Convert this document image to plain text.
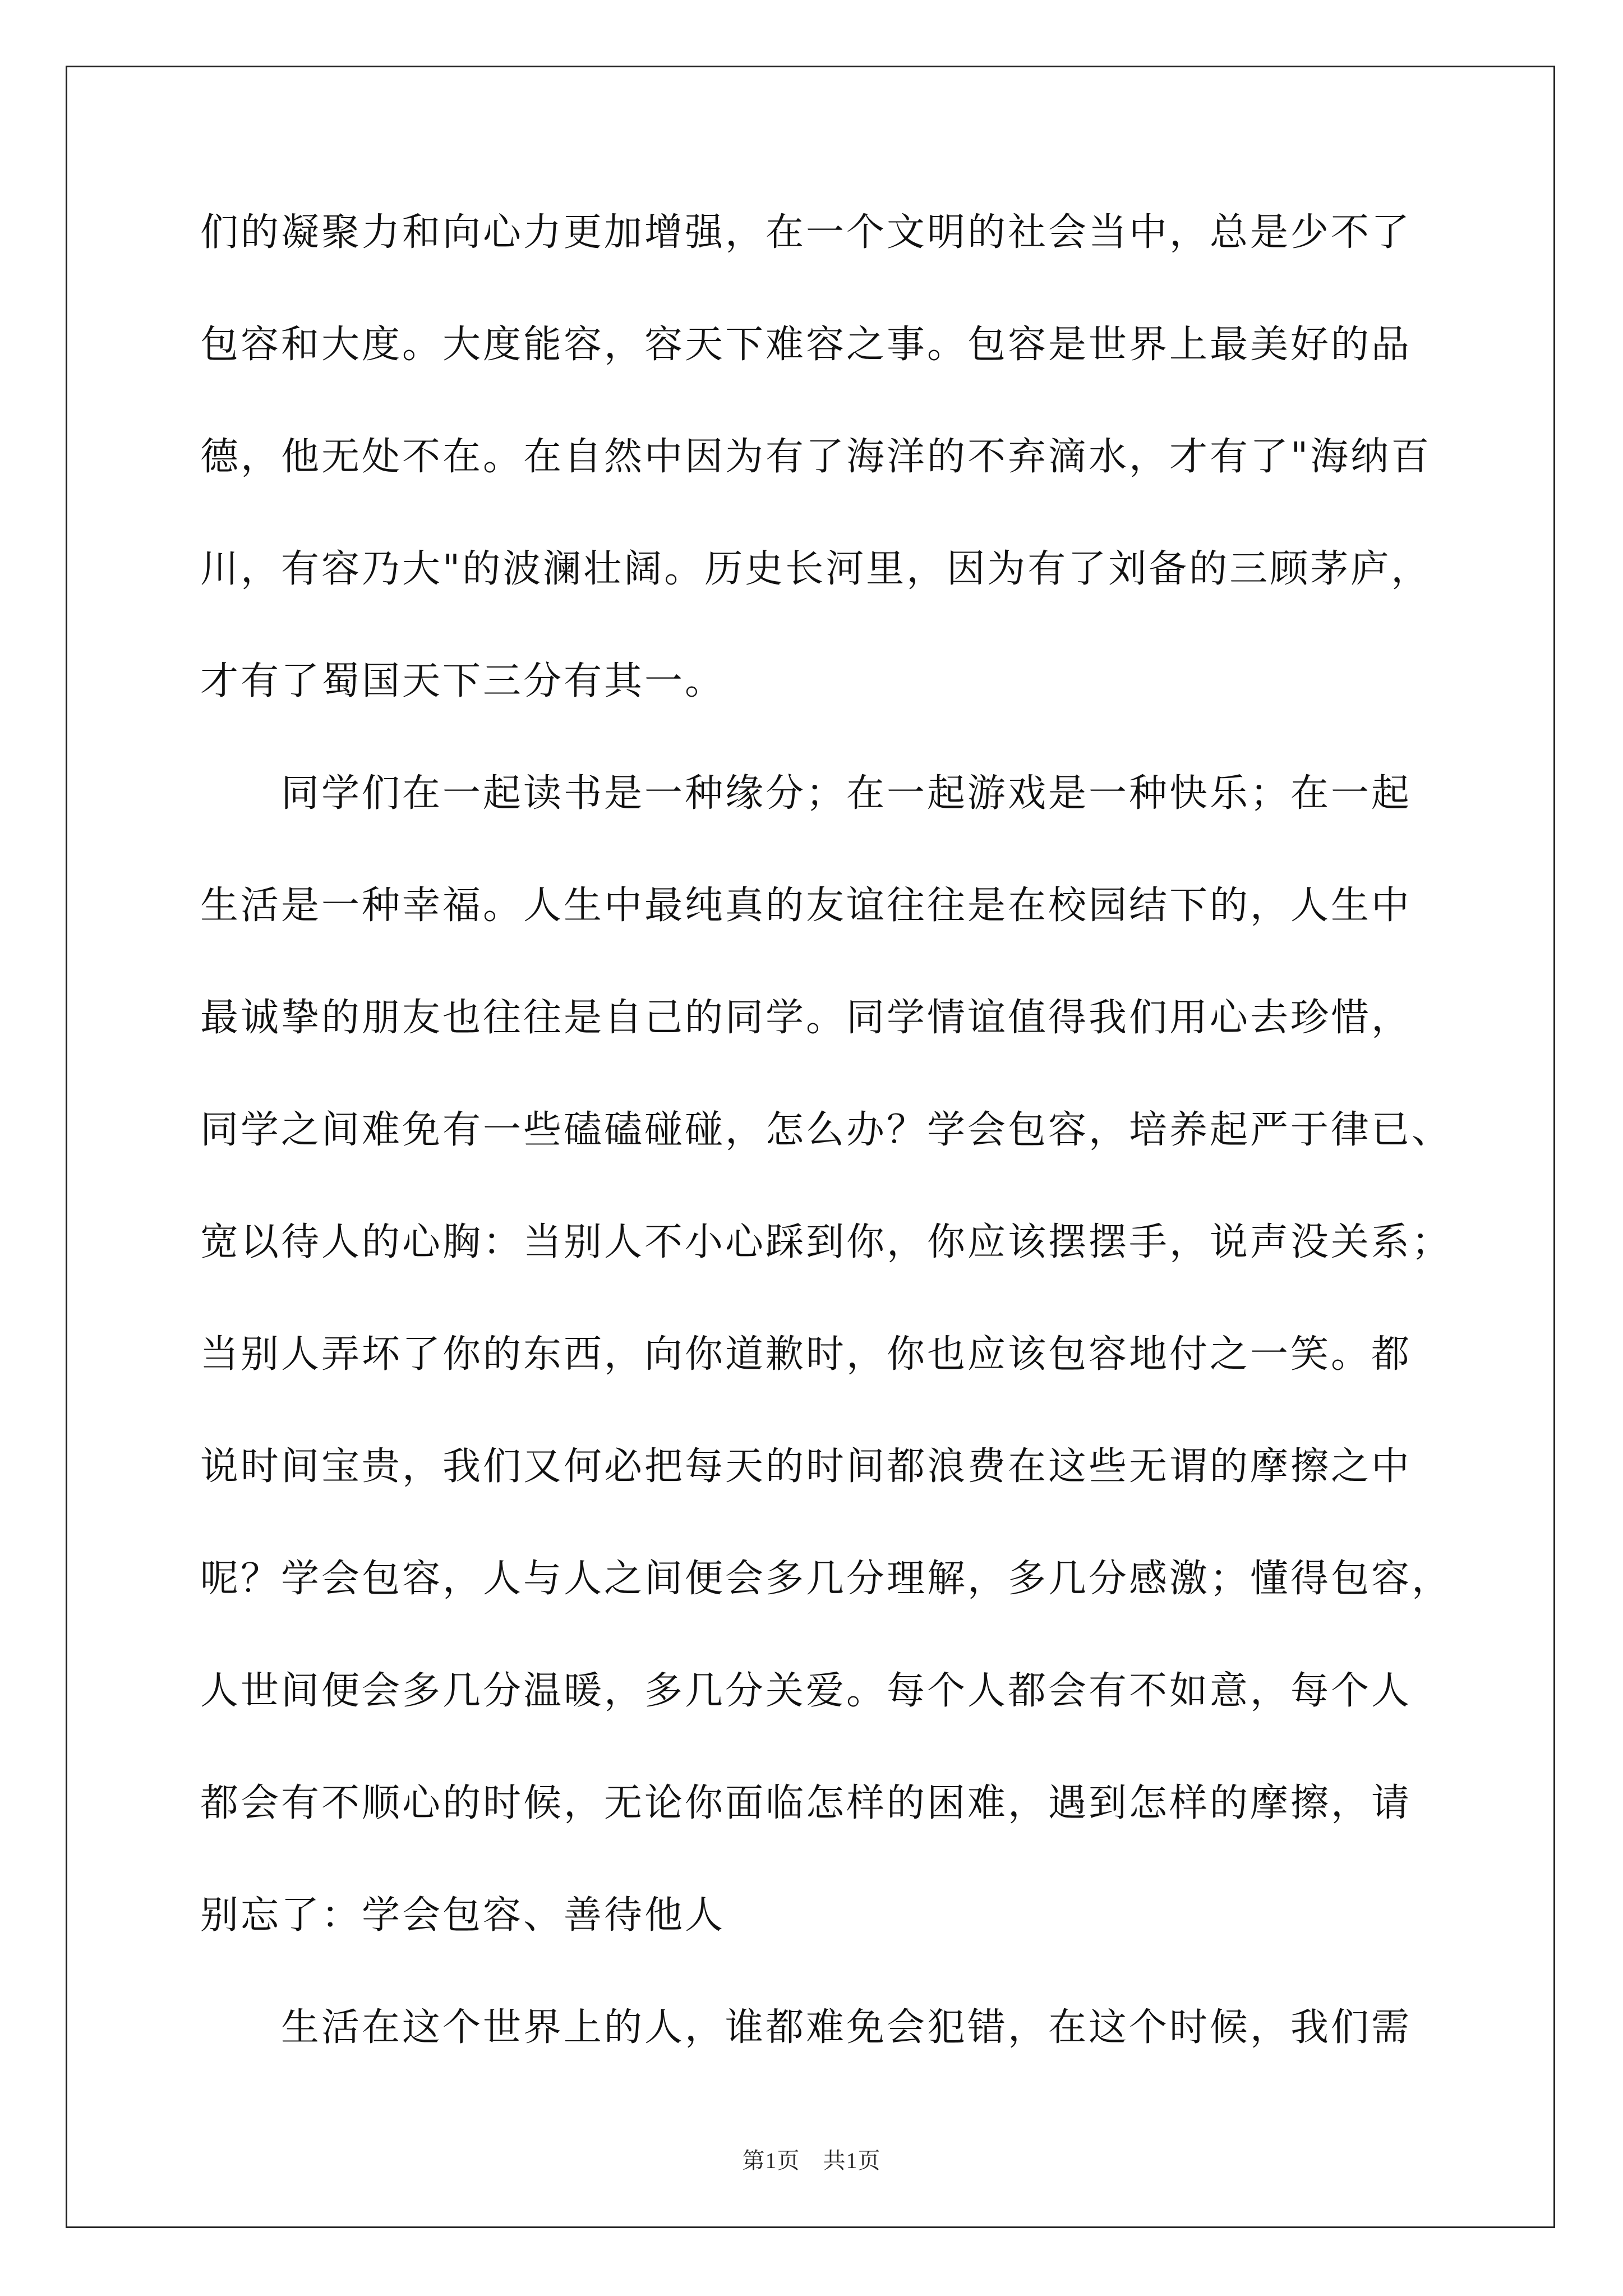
们的凝聚力和向心力更加增强，在一个文明的社会当中，总是少不了
包容和大度。大度能容，容天下难容之事。包容是世界上最美好的品
德，他无处不在。在自然中因为有了海洋的不弃滴水，才有了"海纳百
川，有容乃大"的波澜壮阔。历史长河里，因为有了刘备的三顾茅庐，
才有了蜀国天下三分有其一。
　　同学们在一起读书是一种缘分；在一起游戏是一种快乐；在一起
生活是一种幸福。人生中最纯真的友谊往往是在校园结下的，人生中
最诚挚的朋友也往往是自己的同学。同学情谊值得我们用心去珍惜，
同学之间难免有一些磕磕碰碰，怎么办？学会包容，培养起严于律已、
宽以待人的心胸：当别人不小心踩到你，你应该摆摆手，说声没关系；
当别人弄坏了你的东西，向你道歉时，你也应该包容地付之一笑。都
说时间宝贵，我们又何必把每天的时间都浪费在这些无谓的摩擦之中
呢？学会包容，人与人之间便会多几分理解，多几分感激；懂得包容，
人世间便会多几分温暖，多几分关爱。每个人都会有不如意，每个人
都会有不顺心的时候，无论你面临怎样的困难，遇到怎样的摩擦，请
别忘了：学会包容、善待他人
　　生活在这个世界上的人，谁都难免会犯错，在这个时候，我们需
第1页　共1页
